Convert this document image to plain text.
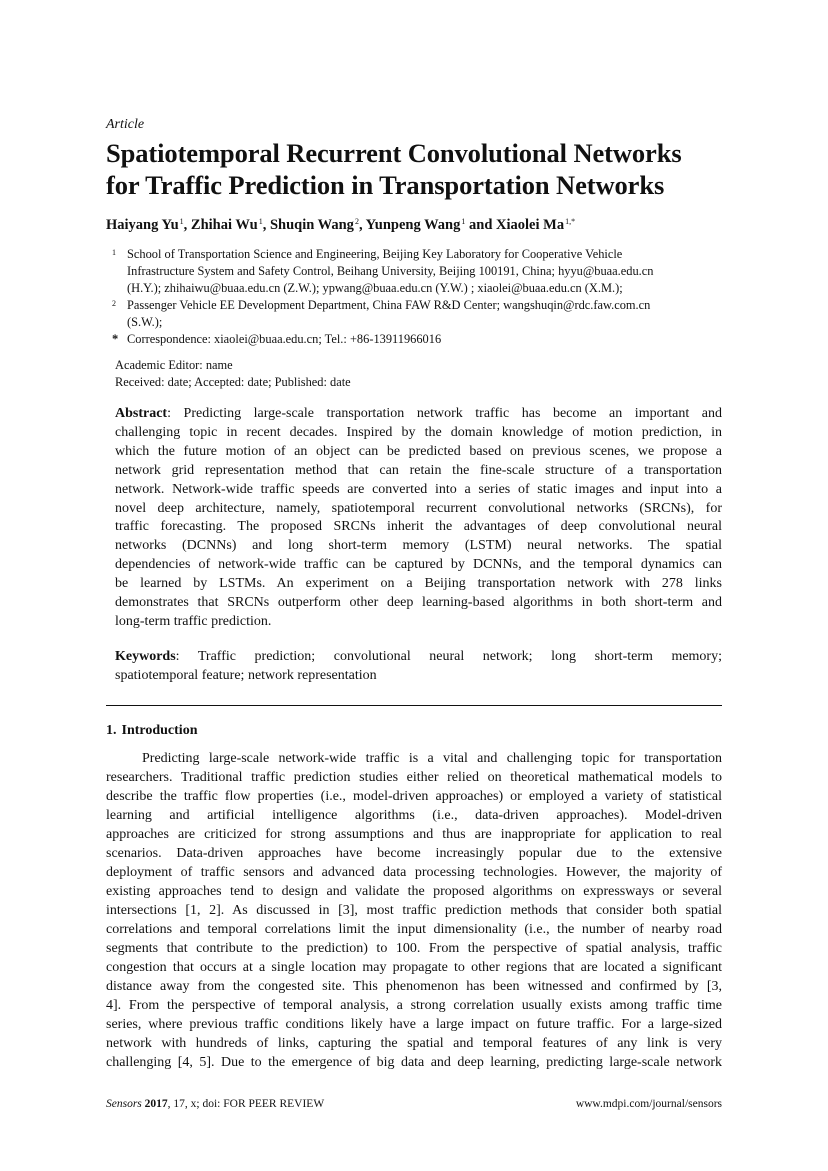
Article
Spatiotemporal Recurrent Convolutional Networks
for Traffic Prediction in Transportation Networks
Haiyang Yu$^1$, Zhihai Wu$^1$, Shuqin Wang$^2$, Yunpeng Wang$^1$ and Xiaolei $Ma^{1,*}$
1 School of Transportation Science and Engineering, Beijing Key Laboratory for Cooperative Vehicle
Infrastructure System and Safety Control, Beihang University, Beijing 100191, China; hyyu@buaa.edu.cn
(H.Y.); zhihaiwu@buaa.edu.cn (Z.W.); ypwang@buaa.edu.cn (Y.W.) ; xiaolei@buaa.edu.cn (X.M.);
2 Passenger Vehicle EE Development Department, China FAW R&D Center; wangshuqin@rdc.faw.com.cn
(S.W.);
* Correspondence: xiaolei@buaa.edu.cn; Tel.: +86-13911966016
Academic Editor: name
Received: date; Accepted: date; Published: date
Abstract: Predicting large-scale transportation network traffic has become an important and
challenging topic in recent decades. Inspired by the domain knowledge of motion prediction, in
which the future motion of an object can be predicted based on previous scenes, we propose a
network grid representation method that can retain the fine-scale structure of a transportation
network. Network-wide traffic speeds are converted into a series of static images and input into a
novel deep architecture, namely, spatiotemporal recurrent convolutional networks (SRCNs), for
traffic forecasting. The proposed SRCNs inherit the advantages of deep convolutional neural
networks (DCNNs) and long short-term memory (LSTM) neural networks. The spatial
dependencies of network-wide traffic can be captured by DCNNs, and the temporal dynamics can
be learned by LSTMs. An experiment on a Beijing transportation network with 278 links
demonstrates that SRCNs outperform other deep learning-based algorithms in both short-term and
long-term traffic prediction.
Keywords: Traffic prediction; convolutional neural network; long short-term memory;
spatiotemporal feature; network representation
1. Introduction
Predicting large-scale network-wide traffic is a vital and challenging topic for transportation
researchers. Traditional traffic prediction studies either relied on theoretical mathematical models to
describe the traffic flow properties (i.e., model-driven approaches) or employed a variety of statistical
learning and artificial intelligence algorithms (i.e., data-driven approaches). Model-driven
approaches are criticized for strong assumptions and thus are inappropriate for application to real
scenarios. Data-driven approaches have become increasingly popular due to the extensive
deployment of traffic sensors and advanced data processing technologies. However, the majority of
existing approaches tend to design and validate the proposed algorithms on expressways or several
intersections [1, 2]. As discussed in [3], most traffic prediction methods that consider both spatial
correlations and temporal correlations limit the input dimensionality (i.e., the number of nearby road
segments that contribute to the prediction) to 100. From the perspective of spatial analysis, traffic
congestion that occurs at a single location may propagate to other regions that are located a significant
distance away from the congested site. This phenomenon has been witnessed and confirmed by [3,
4]. From the perspective of temporal analysis, a strong correlation usually exists among traffic time
series, where previous traffic conditions likely have a large impact on future traffic. For a large-sized
network with hundreds of links, capturing the spatial and temporal features of any link is very
challenging [4, 5]. Due to the emergence of big data and deep learning, predicting large-scale network
Sensors 2017, 17, x; doi: FOR PEER REVIEW	www.mdpi.com/journal/sensors
